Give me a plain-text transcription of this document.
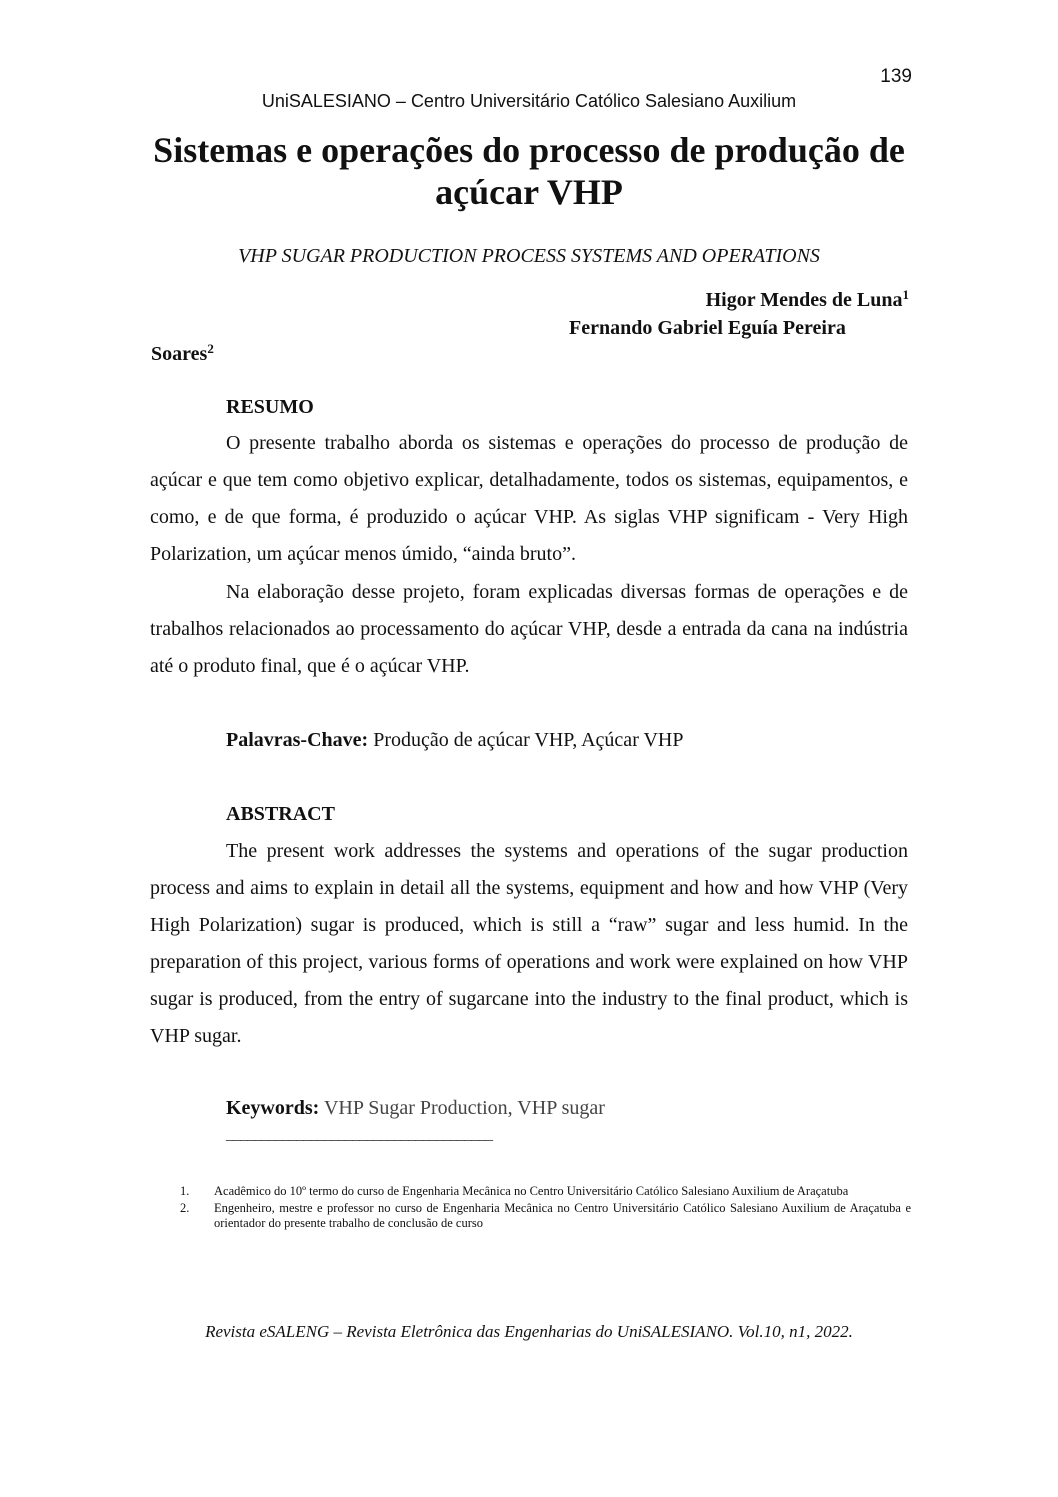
139
UniSALESIANO – Centro Universitário Católico Salesiano Auxilium
Sistemas e operações do processo de produção de
açúcar VHP
VHP SUGAR PRODUCTION PROCESS SYSTEMS AND OPERATIONS
Higor Mendes de Luna$^1$
Fernando Gabriel Eguía Pereira
Soares$^2$
RESUMO

O presente trabalho aborda os sistemas e operações do processo de produção de açúcar e que tem como objetivo explicar, detalhadamente, todos os sistemas, equipamentos, e como, e de que forma, é produzido o açúcar VHP. As siglas VHP significam - Very High Polarization, um açúcar menos úmido, “ainda bruto”.

Na elaboração desse projeto, foram explicadas diversas formas de operações e de trabalhos relacionados ao processamento do açúcar VHP, desde a entrada da cana na indústria até o produto final, que é o açúcar VHP.

Palavras-Chave: Produção de açúcar VHP, Açúcar VHP
ABSTRACT

The present work addresses the systems and operations of the sugar production process and aims to explain in detail all the systems, equipment and how and how VHP (Very High Polarization) sugar is produced, which is still a “raw” sugar and less humid. In the preparation of this project, various forms of operations and work were explained on how VHP sugar is produced, from the entry of sugarcane into the industry to the final product, which is VHP sugar.

Keywords: VHP Sugar Production, VHP sugar
______________________________________
1.	Acadêmico do 10º termo do curso de Engenharia Mecânica no Centro Universitário Católico Salesiano Auxilium de Araçatuba
2.	Engenheiro, mestre e professor no curso de Engenharia Mecânica no Centro Universitário Católico Salesiano Auxilium de Araçatuba e orientador do presente trabalho de conclusão de curso
Revista eSALENG – Revista Eletrônica das Engenharias do UniSALESIANO. Vol.10, n1, 2022.
